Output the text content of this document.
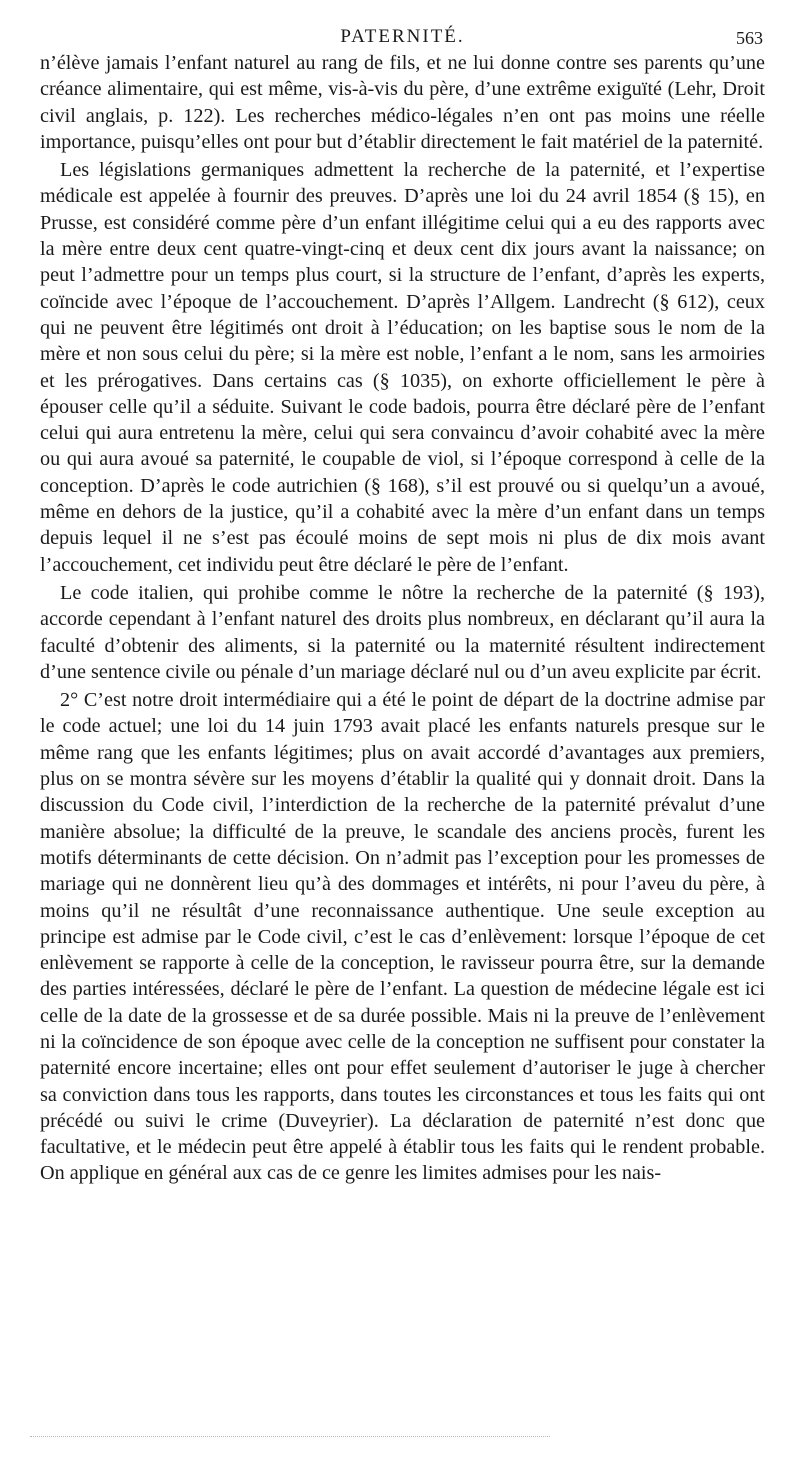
PATERNITÉ.	563

n’élève jamais l’enfant naturel au rang de fils, et ne lui donne contre ses parents qu’une créance alimentaire, qui est même, vis-à-vis du père, d’une extrême exiguïté (Lehr, Droit civil anglais, p. 122). Les recherches médico-légales n’en ont pas moins une réelle importance, puisqu’elles ont pour but d’établir directement le fait matériel de la paternité.

Les législations germaniques admettent la recherche de la paternité, et l’expertise médicale est appelée à fournir des preuves. D’après une loi du 24 avril 1854 (§ 15), en Prusse, est considéré comme père d’un enfant illégitime celui qui a eu des rapports avec la mère entre deux cent quatre-vingt-cinq et deux cent dix jours avant la naissance; on peut l’admettre pour un temps plus court, si la structure de l’enfant, d’après les experts, coïncide avec l’époque de l’accouchement. D’après l’Allgem. Landrecht (§ 612), ceux qui ne peuvent être légitimés ont droit à l’éducation; on les baptise sous le nom de la mère et non sous celui du père; si la mère est noble, l’enfant a le nom, sans les armoiries et les prérogatives. Dans certains cas (§ 1035), on exhorte officiellement le père à épouser celle qu’il a séduite. Suivant le code badois, pourra être déclaré père de l’enfant celui qui aura entretenu la mère, celui qui sera convaincu d’avoir cohabité avec la mère ou qui aura avoué sa paternité, le coupable de viol, si l’époque correspond à celle de la conception. D’après le code autrichien (§ 168), s’il est prouvé ou si quelqu’un a avoué, même en dehors de la justice, qu’il a cohabité avec la mère d’un enfant dans un temps depuis lequel il ne s’est pas écoulé moins de sept mois ni plus de dix mois avant l’accouchement, cet individu peut être déclaré le père de l’enfant.

Le code italien, qui prohibe comme le nôtre la recherche de la paternité (§ 193), accorde cependant à l’enfant naturel des droits plus nombreux, en déclarant qu’il aura la faculté d’obtenir des aliments, si la paternité ou la maternité résultent indirectement d’une sentence civile ou pénale d’un mariage déclaré nul ou d’un aveu explicite par écrit.

2° C’est notre droit intermédiaire qui a été le point de départ de la doctrine admise par le code actuel; une loi du 14 juin 1793 avait placé les enfants naturels presque sur le même rang que les enfants légitimes; plus on avait accordé d’avantages aux premiers, plus on se montra sévère sur les moyens d’établir la qualité qui y donnait droit. Dans la discussion du Code civil, l’interdiction de la recherche de la paternité prévalut d’une manière absolue; la difficulté de la preuve, le scandale des anciens procès, furent les motifs déterminants de cette décision. On n’admit pas l’exception pour les promesses de mariage qui ne donnèrent lieu qu’à des dommages et intérêts, ni pour l’aveu du père, à moins qu’il ne résultât d’une reconnaissance authentique. Une seule exception au principe est admise par le Code civil, c’est le cas d’enlèvement: lorsque l’époque de cet enlèvement se rapporte à celle de la conception, le ravisseur pourra être, sur la demande des parties intéressées, déclaré le père de l’enfant. La question de médecine légale est ici celle de la date de la grossesse et de sa durée possible. Mais ni la preuve de l’enlèvement ni la coïncidence de son époque avec celle de la conception ne suffisent pour constater la paternité encore incertaine; elles ont pour effet seulement d’autoriser le juge à chercher sa conviction dans tous les rapports, dans toutes les circonstances et tous les faits qui ont précédé ou suivi le crime (Duveyrier). La déclaration de paternité n’est donc que facultative, et le médecin peut être appelé à établir tous les faits qui le rendent probable. On applique en général aux cas de ce genre les limites admises pour les nais-
